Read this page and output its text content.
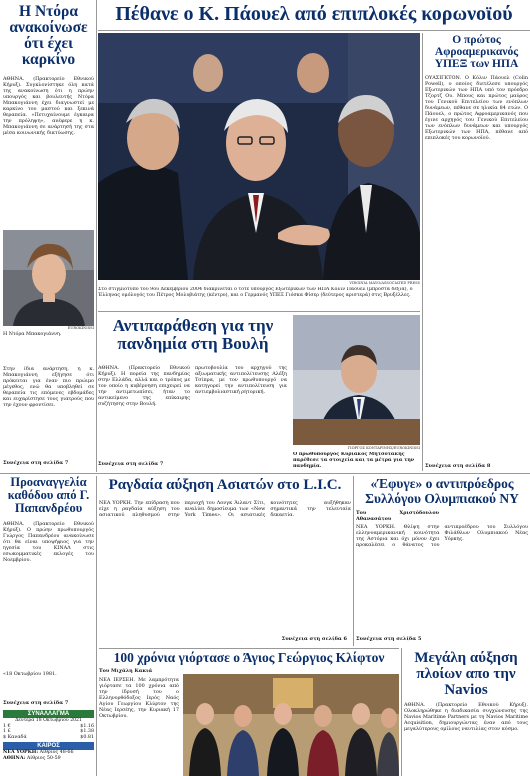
Η Ντόρα ανακοίνωσε ότι έχει καρκίνο
ΑΘΗΝΑ. (Πρακτορείο Εθνικού Κήρυξ). Συγκλονίστηκε όλη κατά της ανακοίνωση ότι η πρώην υπουργός και βουλευτής Ντόρα Μπακογιάννη έχει διαγνωστεί με καρκίνο του μαστού και ξεκινά θεραπεία. «Πετυχαίνουμε έγκαιρα την πρόληψη», ανέφερε η κ. Μπακογιάννη σε ανάρτησή της στα μέσα κοινωνικής δικτύωσης.
EUROKINISSI
Η Ντόρα Μπακογιάννη.
Στην ίδια ανάρτηση, η κ. Μπακογιάννη εξήγησε ότι πρόκειται για έναν πιο πρώιμο μέγεθος, ενώ θα υποβληθεί σε θεραπεία τις επόμενες εβδομάδες και ευχαρίστησε τους γιατρούς που την έχουν φροντίσει.
Συνέχεια στη σελίδα 7
Πέθανε ο Κ. Πάουελ από επιπλοκές κορωνοϊού
VIRGINIA MAYO/ASSOCIATED PRESS
Στο στιγμιότυπο του 9ου Δεκεμβρίου 2004 διακρίνεται ο τότε υπουργός Εξωτερικών των ΗΠΑ Κόλιν Πάουελ (μπροστά δεξιά), ο Έλληνας ομόλογός του Πέτρος Μολυβιάτης (κέντρο), και ο Γερμανός ΥΠΕΞ Γιόσκα Φίσερ (δεύτερος αριστερά) στις Βρυξέλλες.
Ο πρώτος Αφροαμερικανός ΥΠΕΞ των ΗΠΑ
ΟΥΑΣΙΓΚΤΟΝ. Ο Κόλιν Πάουελ (Colin Powell), ο οποίος διετέλεσε υπουργός Εξωτερικών των ΗΠΑ υπό τον πρόεδρο Τζορτζ Ου. Μπους και πρώτος μαύρος του Γενικού Επιτελείου των ενόπλων δυνάμεων, πέθανε σε ηλικία 84 ετών. Ο Πάουελ, ο πρώτος Αφροαμερικανός που έγινε αρχηγός του Γενικού Επιτελείου των ενόπλων δυνάμεων και υπουργός Εξωτερικών των ΗΠΑ, πέθανε από επιπλοκές του κορωνοϊού.
Συνέχεια στη σελίδα 8
Αντιπαράθεση για την πανδημία στη Βουλή
ΑΘΗΝΑ. (Πρακτορείο Εθνικού Κήρυξ). Η πορεία της πανδημίας στην Ελλάδα, αλλά και ο τρόπος με τον οποίο η κυβέρνηση επιχειρεί να την αντιμετωπίσει, ήταν το αντικείμενο της επίκαιρης συζήτησης στην Βουλή.
πρωτοβουλία του αρχηγού της αξιωματικής αντιπολίτευσης Αλέξη Τσίπρα, με τον πρωθυπουργό να κατηγορεί την αντιπολίτευση για αντιεμβολιαστική ρητορική.
Συνέχεια στη σελίδα 7
ΓΙΩΡΓΟΣ ΚΟΝΤΑΡΙΝΗΣ/EUROKINISSI
Ο πρωθυπουργός Κυριάκος Μητσοτάκης παρέθεσε τα στοιχεία και τα μέτρα για την πανδημία.
Προαναγγελία καθόδου από Γ. Παπανδρέου
ΑΘΗΝΑ. (Πρακτορείο Εθνικού Κήρυξ). Ο πρώην πρωθυπουργός Γιώργος Παπανδρέου ανακοίνωσε ότι θα είναι υποψήφιος για την ηγεσία του ΚΙΝΑΛ στις εσωκομματικές εκλογές του Νοεμβρίου.
«18 Οκτωβρίου 1981.
Συνέχεια στη σελίδα 7
ΣΥΝΑΛΛΑΓΜΑ
Δευτέρα 18 Οκτωβρίου 2021
1 €	$1.16
1 £	$1.38
$ Καναδά	$0.81
ΚΑΙΡΟΣ
ΝΕΑ ΥΟΡΚΗ: Αίθριος 48-66
ΑΘΗΝΑ: Αίθριος 50-59
Ραγδαία αύξηση Ασιατών στο L.I.C.
ΝΕΑ ΥΟΡΚΗ. Την επίδραση που είχε η ραγδαία αύξηση του ασιατικού πληθυσμού στην περιοχή του Λονγκ Άιλαντ Σίτι, αναλύει δημοσίευμα των «New York Times». Οι ασιατικές κοινότητες αυξήθηκαν σημαντικά την τελευταία δεκαετία.
Συνέχεια στη σελίδα 6
«Έφυγε» ο αντιπρόεδρος Συλλόγου Ολυμπιακού ΝΥ
Του Χριστόδουλου Αθανασάτου
ΝΕΑ ΥΟΡΚΗ. Θλίψη στην ελληνοαμερικανική κοινότητα της Αστόρια και όχι μόνον έχει προκαλέσει ο θάνατος του αντιπροέδρου του Συλλόγου Φιλάθλων Ολυμπιακού Νέας Υόρκης.
Συνέχεια στη σελίδα 5
100 χρόνια γιόρτασε ο Άγιος Γεώργιος Κλίφτον
Του Μιχάλη Κακιά
ΝΕΑ ΙΕΡΣΕΗ. Με λαμπρότητα γιόρτασε τα 100 χρόνια από την ίδρυσή του ο Ελληνορθόδοξος Ιερός Ναός Αγίου Γεωργίου Κλίφτον της Νέας Ιερσέης, την Κυριακή 17 Οκτωβρίου.
Μεγάλη αύξηση πλοίων απο την Navios
ΑΘΗΝΑ. (Πρακτορείο Εθνικού Κήρυξ). Ολοκληρώθηκε η διαδικασία συγχώνευσης της Navios Maritime Partners με τη Navios Maritime Acquisition, δημιουργώντας έναν από τους μεγαλύτερους ομίλους ναυτιλίας στον κόσμο.
